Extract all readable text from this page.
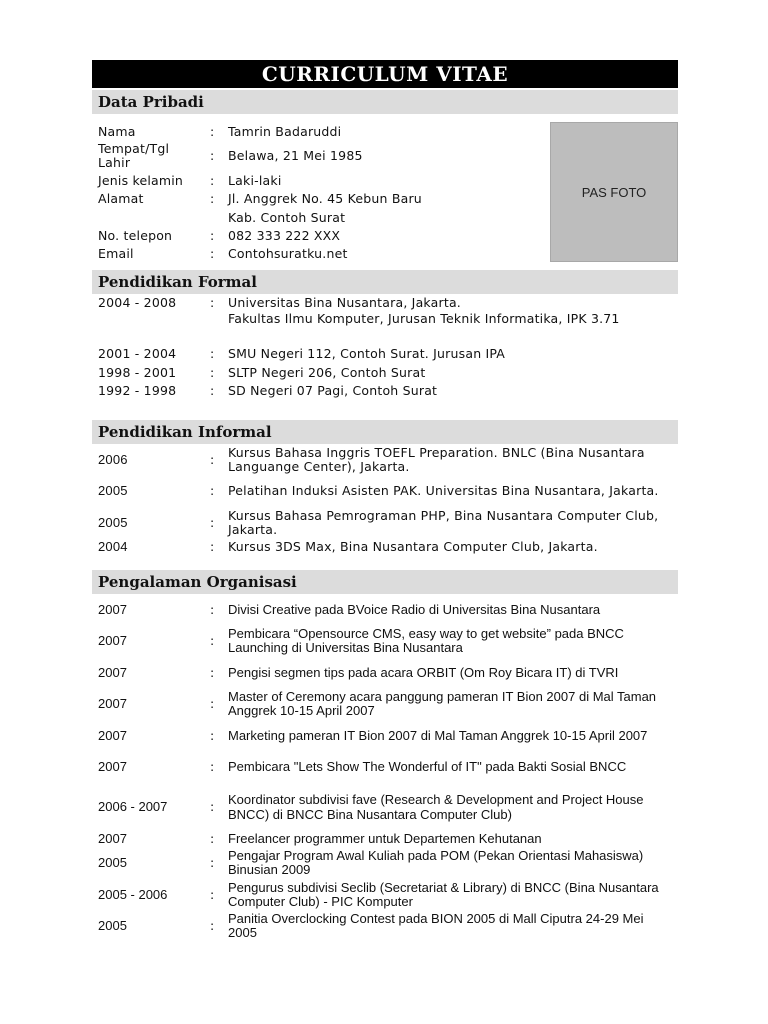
CURRICULUM VITAE
Data Pribadi
PAS FOTO
Nama	:	Tamrin Badaruddi
Tempat/Tgl Lahir	:	Belawa, 21 Mei 1985
Jenis kelamin	:	Laki-laki
Alamat	:	Jl. Anggrek No. 45 Kebun Baru
Kab. Contoh Surat
No. telepon	:	082 333 222 XXX
Email	:	Contohsuratku.net
Pendidikan Formal
2004 - 2008	:	Universitas Bina Nusantara, Jakarta.
Fakultas Ilmu Komputer, Jurusan Teknik Informatika, IPK 3.71
2001 - 2004	:	SMU Negeri 112, Contoh Surat. Jurusan IPA
1998 - 2001	:	SLTP Negeri 206, Contoh Surat
1992 - 1998	:	SD Negeri 07 Pagi, Contoh Surat
Pendidikan Informal
2006	:	Kursus Bahasa Inggris TOEFL Preparation. BNLC (Bina Nusantara Languange Center), Jakarta.
2005	:	Pelatihan Induksi Asisten PAK. Universitas Bina Nusantara, Jakarta.
2005	:	Kursus Bahasa Pemrograman PHP, Bina Nusantara Computer Club, Jakarta.
2004	:	Kursus 3DS Max, Bina Nusantara Computer Club, Jakarta.
Pengalaman Organisasi
2007	:	Divisi Creative pada BVoice Radio di Universitas Bina Nusantara
2007	:	Pembicara “Opensource CMS, easy way to get website” pada BNCC Launching di Universitas Bina Nusantara
2007	:	Pengisi segmen tips pada acara ORBIT (Om Roy Bicara IT) di TVRI
2007	:	Master of Ceremony acara panggung pameran IT Bion 2007 di Mal Taman Anggrek 10-15 April 2007
2007	:	Marketing pameran IT Bion 2007 di Mal Taman Anggrek 10-15 April 2007
2007	:	Pembicara "Lets Show The Wonderful of IT" pada Bakti Sosial BNCC
2006 - 2007	:	Koordinator subdivisi fave (Research & Development and Project House BNCC) di BNCC Bina Nusantara Computer Club)
2007	:	Freelancer programmer untuk Departemen Kehutanan
2005	:	Pengajar Program Awal Kuliah pada POM (Pekan Orientasi Mahasiswa) Binusian 2009
2005 - 2006	:	Pengurus subdivisi Seclib (Secretariat & Library) di BNCC (Bina Nusantara Computer Club) - PIC Komputer
2005	:	Panitia Overclocking Contest pada BION 2005 di Mall Ciputra 24-29 Mei 2005
